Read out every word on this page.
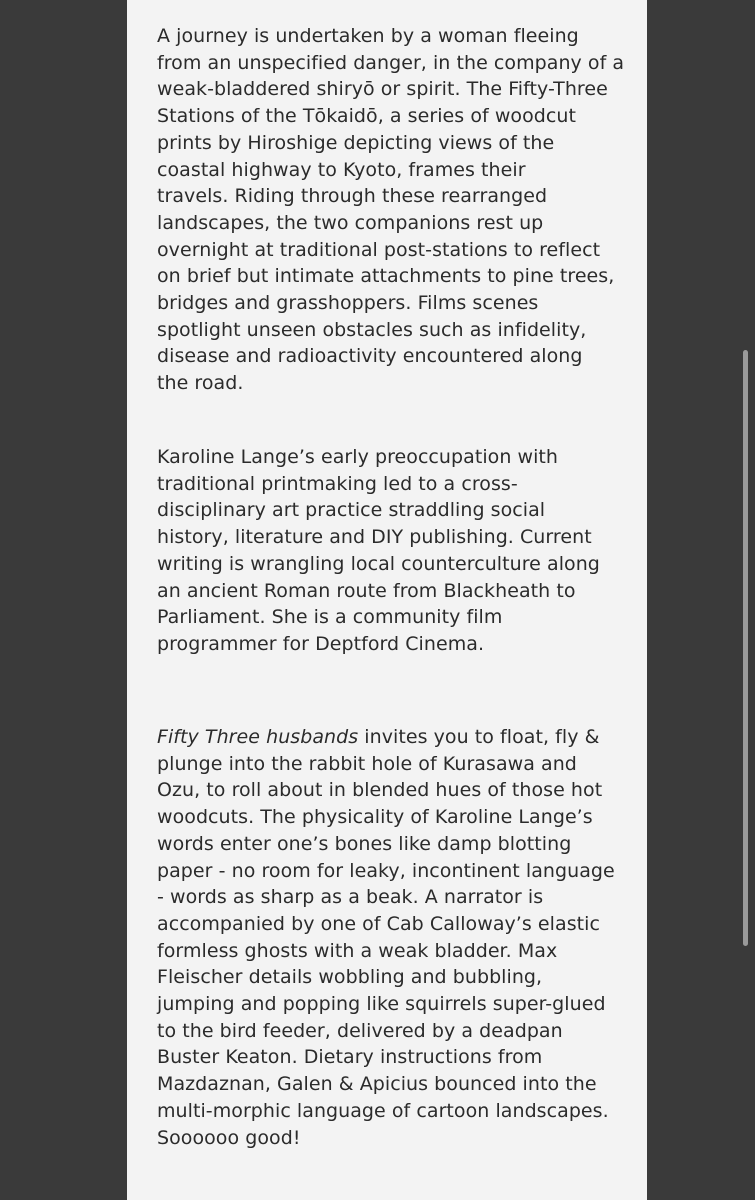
A journey is undertaken by a woman fleeing
from an unspecified danger, in the company of a
weak-bladdered shiryō or spirit. The Fifty-Three
Stations of the Tōkaidō, a series of woodcut
prints by Hiroshige depicting views of the
coastal highway to Kyoto, frames their
travels. Riding through these rearranged
landscapes, the two companions rest up
overnight at traditional post-stations to reflect
on brief but intimate attachments to pine trees,
bridges and grasshoppers. Films scenes
spotlight unseen obstacles such as infidelity,
disease and radioactivity encountered along
the road.
Karoline Lange’s early preoccupation with
traditional printmaking led to a cross-
disciplinary art practice straddling social
history, literature and DIY publishing. Current
writing is wrangling local counterculture along
an ancient Roman route from Blackheath to
Parliament. She is a community film
programmer for Deptford Cinema.
Fifty Three husbands invites you to float, fly &
plunge into the rabbit hole of Kurasawa and
Ozu, to roll about in blended hues of those hot
woodcuts. The physicality of Karoline Lange’s
words enter one’s bones like damp blotting
paper - no room for leaky, incontinent language
- words as sharp as a beak. A narrator is
accompanied by one of Cab Calloway’s elastic
formless ghosts with a weak bladder. Max
Fleischer details wobbling and bubbling,
jumping and popping like squirrels super-glued
to the bird feeder, delivered by a deadpan
Buster Keaton. Dietary instructions from
Mazdaznan, Galen & Apicius bounced into the
multi-morphic language of cartoon landscapes.
Soooooo good!
